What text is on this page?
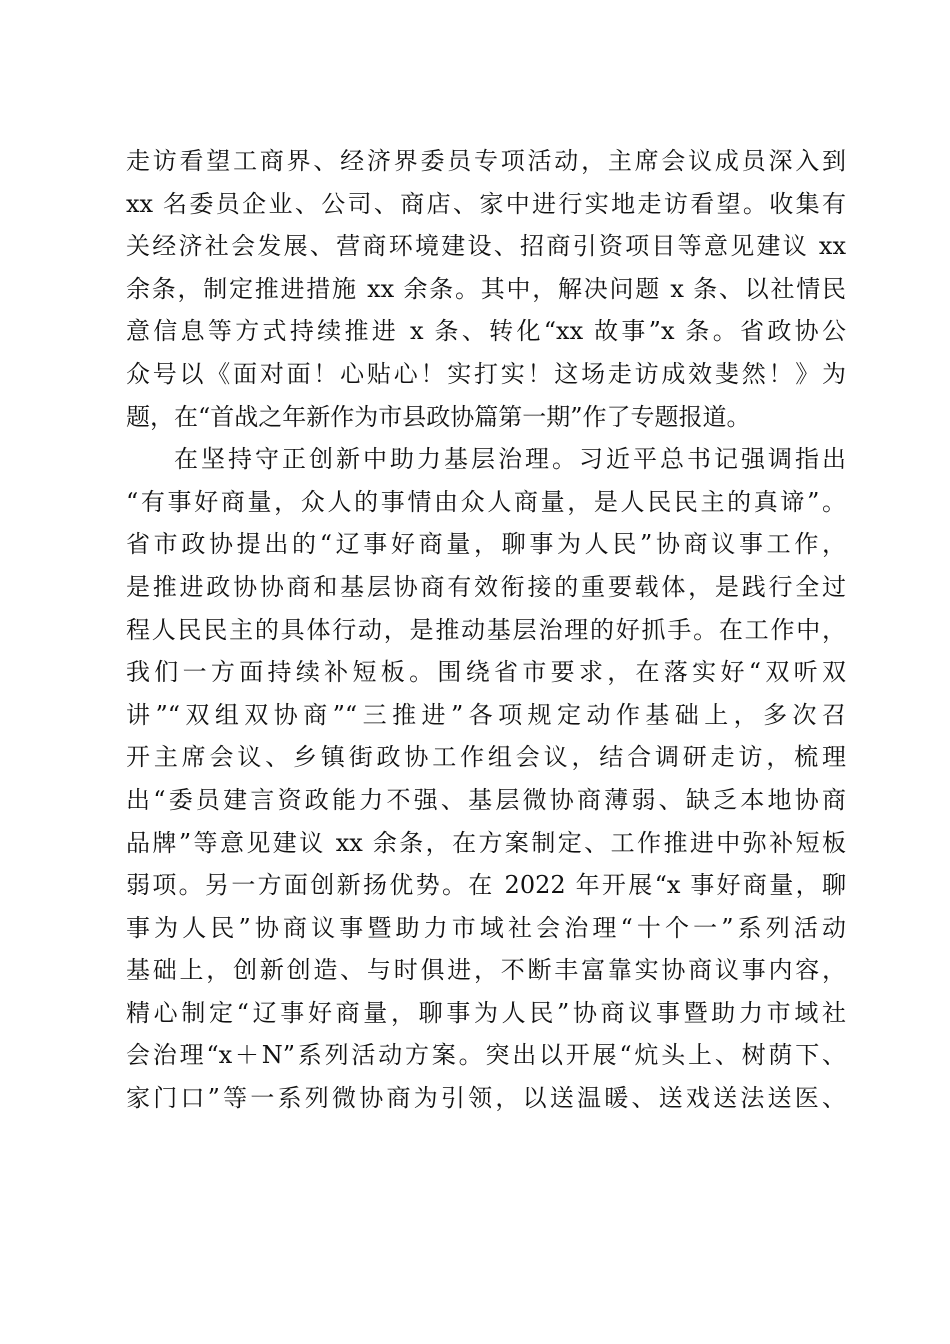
走访看望工商界、经济界委员专项活动，主席会议成员深入到
xx 名委员企业、公司、商店、家中进行实地走访看望。收集有
关经济社会发展、营商环境建设、招商引资项目等意见建议 xx
余条，制定推进措施 xx 余条。其中，解决问题 x 条、以社情民
意信息等方式持续推进 x 条、转化“xx 故事”x 条。省政协公
众号以《面对面！心贴心！实打实！这场走访成效斐然！》为
题，在“首战之年新作为市县政协篇第一期”作了专题报道。
在坚持守正创新中助力基层治理。习近平总书记强调指出
“有事好商量，众人的事情由众人商量，是人民民主的真谛”。
省市政协提出的“辽事好商量，聊事为人民”协商议事工作，
是推进政协协商和基层协商有效衔接的重要载体，是践行全过
程人民民主的具体行动，是推动基层治理的好抓手。在工作中，
我们一方面持续补短板。围绕省市要求，在落实好“双听双
讲”“双组双协商”“三推进”各项规定动作基础上，多次召
开主席会议、乡镇街政协工作组会议，结合调研走访，梳理
出“委员建言资政能力不强、基层微协商薄弱、缺乏本地协商
品牌”等意见建议 xx 余条，在方案制定、工作推进中弥补短板
弱项。另一方面创新扬优势。在 2022 年开展“x 事好商量，聊
事为人民”协商议事暨助力市域社会治理“十个一”系列活动
基础上，创新创造、与时俱进，不断丰富靠实协商议事内容，
精心制定“辽事好商量，聊事为人民”协商议事暨助力市域社
会治理“x＋N”系列活动方案。突出以开展“炕头上、树荫下、
家门口”等一系列微协商为引领，以送温暖、送戏送法送医、
